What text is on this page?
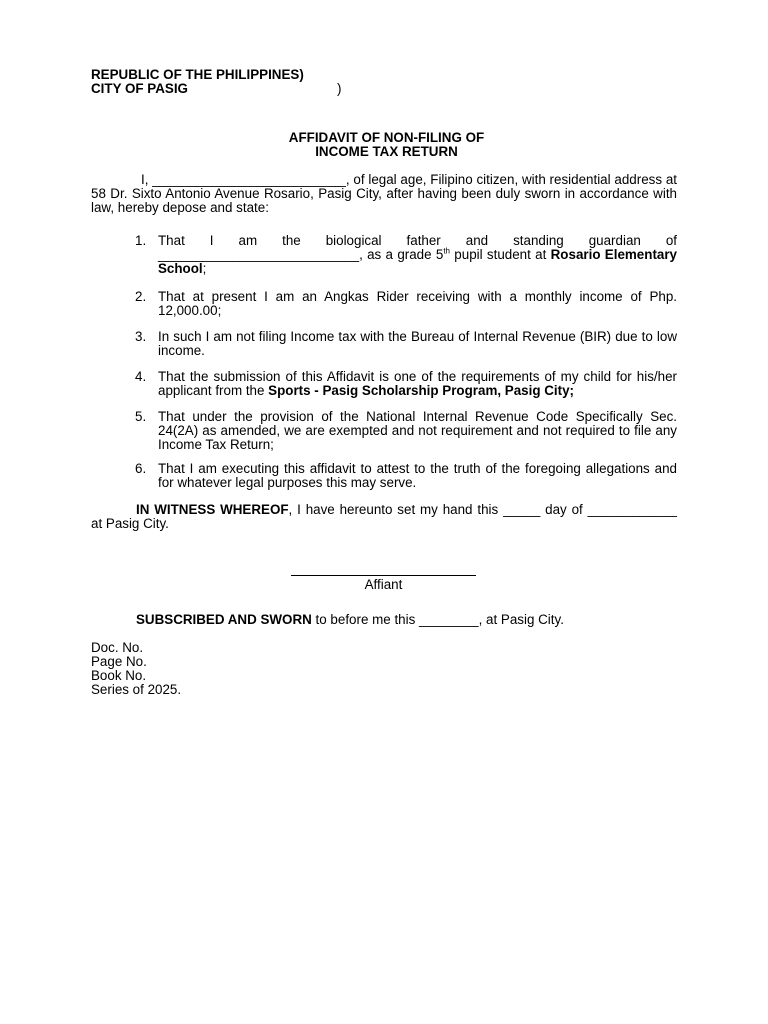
REPUBLIC OF THE PHILIPPINES)
CITY OF PASIG	)
AFFIDAVIT OF NON-FILING OF
INCOME TAX RETURN
I, __________________________, of legal age, Filipino citizen, with residential address at 58 Dr. Sixto Antonio Avenue Rosario, Pasig City, after having been duly sworn in accordance with law, hereby depose and state:
1. That I am the biological father and standing guardian of ___________________________, as a grade 5th pupil student at Rosario Elementary School;
2. That at present I am an Angkas Rider receiving with a monthly income of Php. 12,000.00;
3. In such I am not filing Income tax with the Bureau of Internal Revenue (BIR) due to low income.
4. That the submission of this Affidavit is one of the requirements of my child for his/her applicant from the Sports - Pasig Scholarship Program, Pasig City;
5. That under the provision of the National Internal Revenue Code Specifically Sec. 24(2A) as amended, we are exempted and not requirement and not required to file any Income Tax Return;
6. That I am executing this affidavit to attest to the truth of the foregoing allegations and for whatever legal purposes this may serve.
IN WITNESS WHEREOF, I have hereunto set my hand this _____ day of ____________ at Pasig City.
Affiant
SUBSCRIBED AND SWORN to before me this ________, at Pasig City.
Doc. No.
Page No.
Book No.
Series of 2025.
